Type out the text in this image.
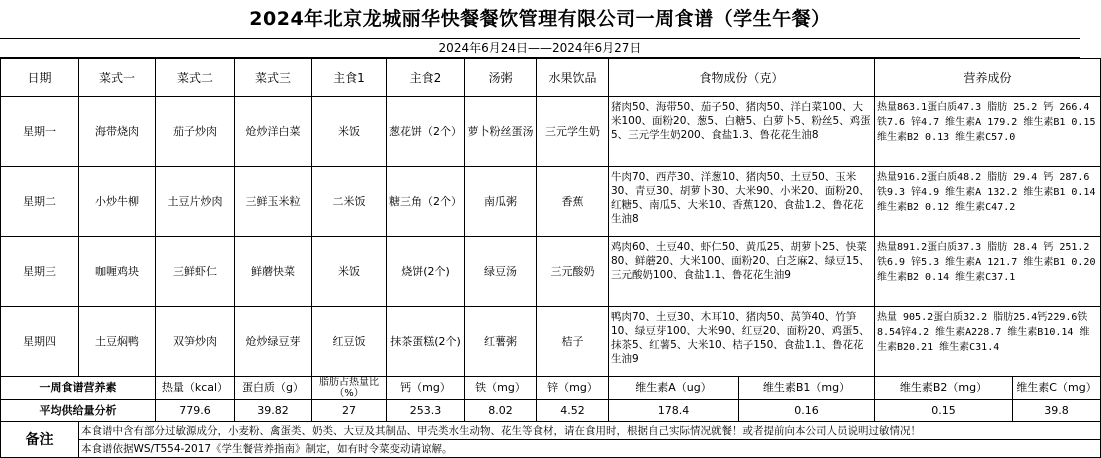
2024年北京龙城丽华快餐餐饮管理有限公司一周食谱（学生午餐）
2024年6月24日——2024年6月27日
日期	菜式一	菜式二	菜式三	主食1	主食2	汤粥	水果饮品	食物成份（克）		营养成份	
星期一	海带烧肉	茄子炒肉	炝炒洋白菜	米饭	葱花饼（2个）	萝卜粉丝蛋汤	三元学生奶	猪肉50、海带50、茄子50、猪肉50、洋白菜100、大米100、面粉20、葱5、白糖5、白萝卜5、粉丝5、鸡蛋5、三元学生奶200、食盐1.3、鲁花花生油8		热量863.1蛋白质47.3 脂肪 25.2 钙 266.4 铁7.6 锌4.7 维生素A 179.2 维生素B1 0.15 维生素B2 0.13 维生素C57.0	
星期二	小炒牛柳	土豆片炒肉	三鲜玉米粒	二米饭	糖三角（2个）	南瓜粥	香蕉	牛肉70、西芹30、洋葱10、猪肉50、土豆50、玉米30、青豆30、胡萝卜30、大米90、小米20、面粉20、红糖5、南瓜5、大米10、香蕉120、食盐1.2、鲁花花生油8		热量916.2蛋白质48.2 脂肪 29.4 钙 287.6 铁9.3 锌4.9 维生素A 132.2 维生素B1 0.14 维生素B2 0.12 维生素C47.2	
星期三	咖喱鸡块	三鲜虾仁	鲜蘑快菜	米饭	烧饼(2个)	绿豆汤	三元酸奶	鸡肉60、土豆40、虾仁50、黄瓜25、胡萝卜25、快菜80、鲜蘑20、大米100、面粉20、白芝麻2、绿豆15、三元酸奶100、食盐1.1、鲁花花生油9		热量891.2蛋白质37.3 脂肪 28.4 钙 251.2 铁6.9 锌5.3 维生素A 121.7 维生素B1 0.20 维生素B2 0.14 维生素C37.1	
星期四	土豆焖鸭	双笋炒肉	炝炒绿豆芽	红豆饭	抹茶蛋糕(2个)	红薯粥	桔子	鸭肉70、土豆30、木耳10、猪肉50、莴笋40、竹笋10、绿豆芽100、大米90、红豆20、面粉20、鸡蛋5、抹茶5、红薯5、大米10、桔子150、食盐1.1、鲁花花生油9		热量 905.2蛋白质32.2 脂肪25.4钙229.6铁8.54锌4.2 维生素A228.7 维生素B10.14 维生素B20.21 维生素C31.4	
一周食谱营养素		热量（kcal）	蛋白质（g）	脂肪占热量比（%）	钙（mg）	铁（mg）	锌（mg）	维生素A（ug）	维生素B1（mg）	维生素B2（mg）	维生素C（mg）
平均供给量分析		779.6	39.82	27	253.3	8.02	4.52	178.4	0.16	0.15	39.8
备注	本食谱中含有部分过敏源成分，小麦粉、禽蛋类、奶类、大豆及其制品、甲壳类水生动物、花生等食材，请在食用时，根据自己实际情况就餐！或者提前向本公司人员说明过敏情况！										
	本食谱依据WS/T554-2017《学生餐营养指南》制定，如有时令菜变动请谅解。										
